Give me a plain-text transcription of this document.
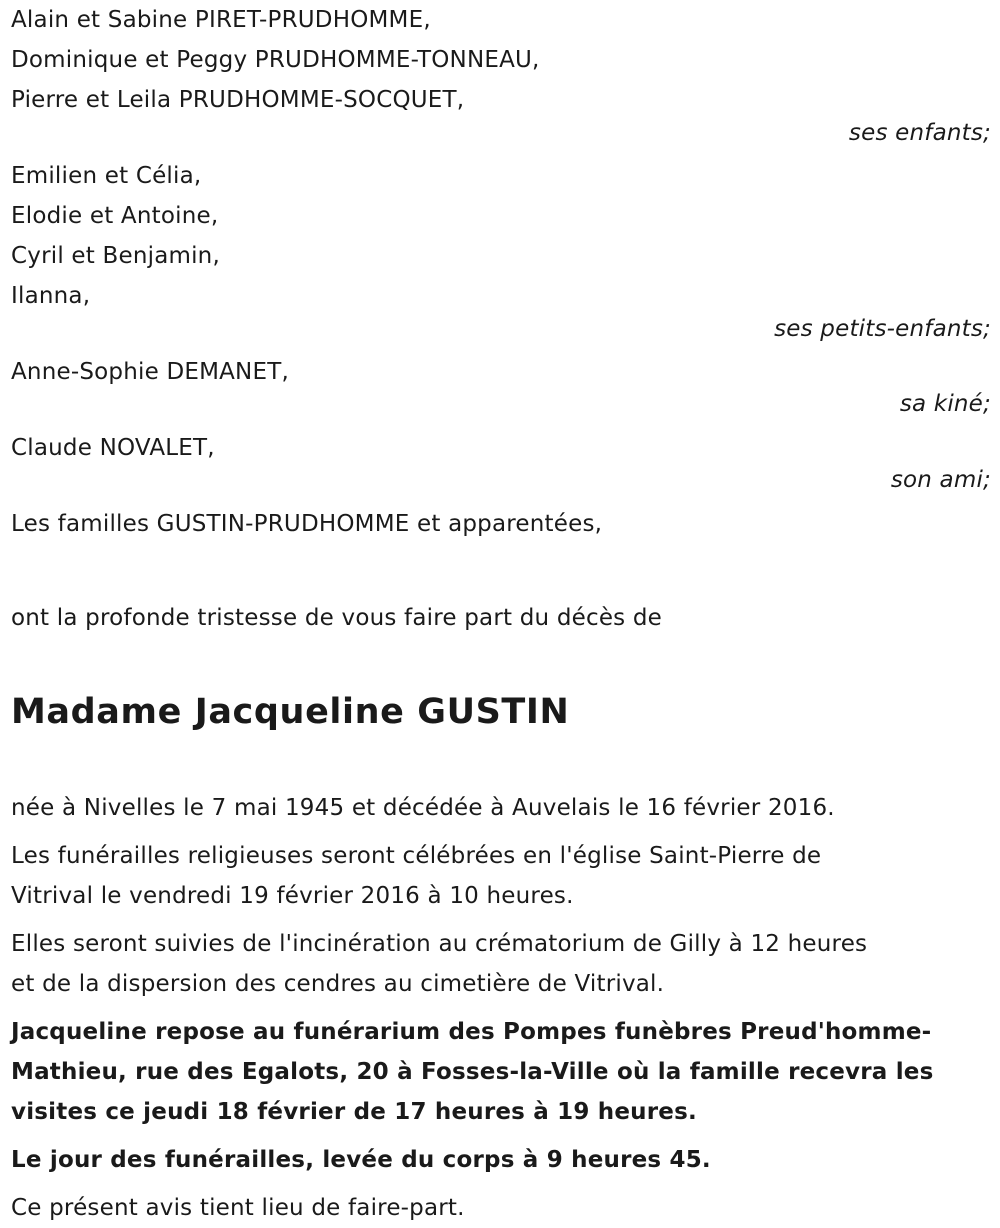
Alain et Sabine PIRET-PRUDHOMME,
Dominique et Peggy PRUDHOMME-TONNEAU,
Pierre et Leila PRUDHOMME-SOCQUET,
ses enfants;
Emilien et Célia,
Elodie et Antoine,
Cyril et Benjamin,
Ilanna,
ses petits-enfants;
Anne-Sophie DEMANET,
sa kiné;
Claude NOVALET,
son ami;
Les familles GUSTIN-PRUDHOMME et apparentées,
ont la profonde tristesse de vous faire part du décès de
Madame Jacqueline GUSTIN
née à Nivelles le 7 mai 1945 et décédée à Auvelais le 16 février 2016.
Les funérailles religieuses seront célébrées en l'église Saint-Pierre de
Vitrival le vendredi 19 février 2016 à 10 heures.
Elles seront suivies de l'incinération au crématorium de Gilly à 12 heures
et de la dispersion des cendres au cimetière de Vitrival.
Jacqueline repose au funérarium des Pompes funèbres Preud'homme-
Mathieu, rue des Egalots, 20 à Fosses-la-Ville où la famille recevra les
visites ce jeudi 18 février de 17 heures à 19 heures.
Le jour des funérailles, levée du corps à 9 heures 45.
Ce présent avis tient lieu de faire-part.
